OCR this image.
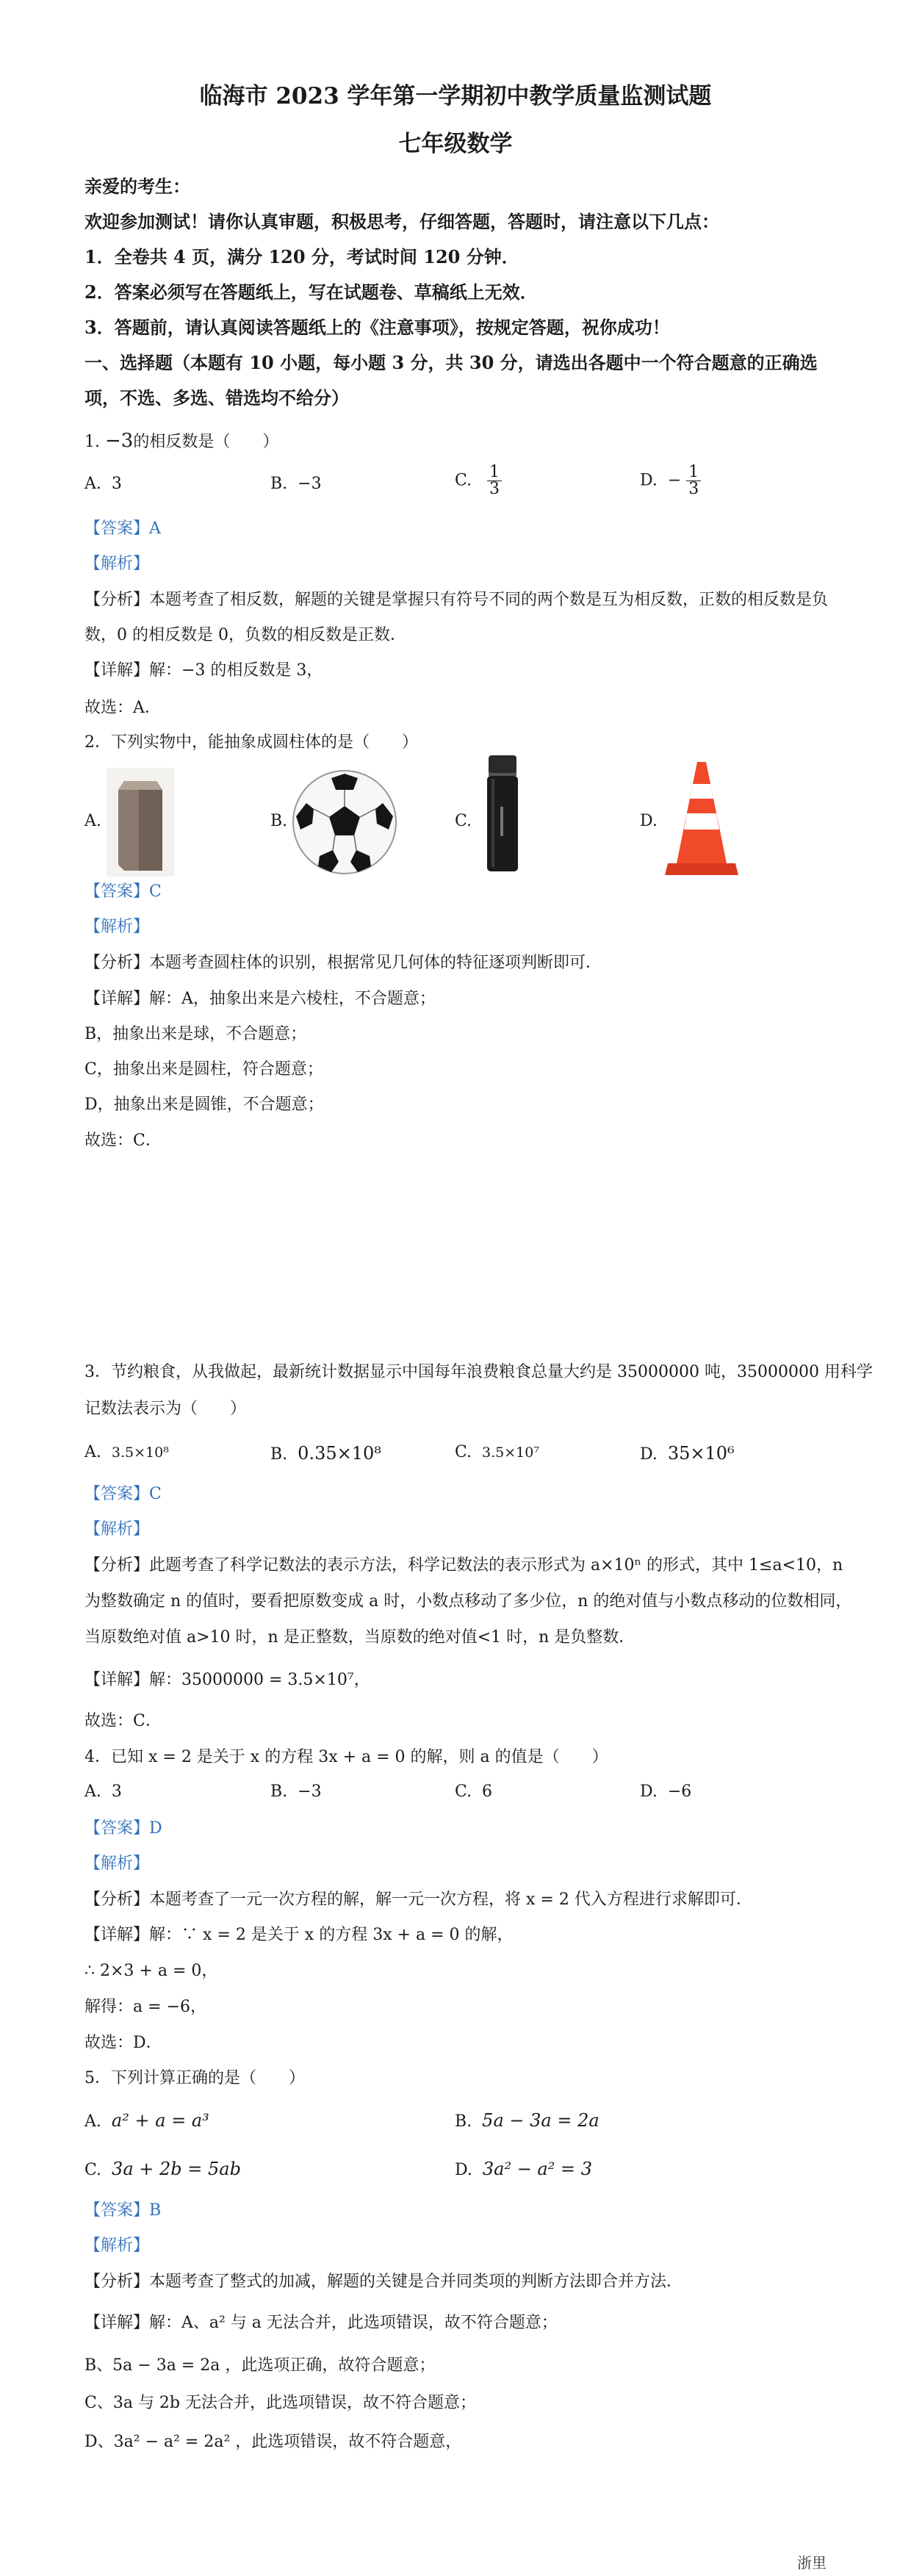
临海市 2023 学年第一学期初中教学质量监测试题
七年级数学
亲爱的考生：
欢迎参加测试！请你认真审题，积极思考，仔细答题，答题时，请注意以下几点：
1．全卷共 4 页，满分 120 分，考试时间 120 分钟．
2．答案必须写在答题纸上，写在试题卷、草稿纸上无效．
3．答题前，请认真阅读答题纸上的《注意事项》，按规定答题，祝你成功！
一、选择题（本题有 10 小题，每小题 3 分，共 30 分，请选出各题中一个符合题意的正确选
项，不选、多选、错选均不给分）
1. −3的相反数是（　　）
A. 3	B. −3	C. $\frac{1}{3}$	D. − $\frac{1}{3}$
【答案】A
【解析】
【分析】本题考查了相反数，解题的关键是掌握只有符号不同的两个数是互为相反数，正数的相反数是负
数，0 的相反数是 0，负数的相反数是正数．
【详解】解：−3 的相反数是 3，
故选：A．
2．下列实物中，能抽象成圆柱体的是（　　）
A.	B.	C.	D.
【答案】C
【解析】
【分析】本题考查圆柱体的识别，根据常见几何体的特征逐项判断即可．
【详解】解：A，抽象出来是六棱柱，不合题意；
B，抽象出来是球，不合题意；
C，抽象出来是圆柱，符合题意；
D，抽象出来是圆锥，不合题意；
故选：C．
3．节约粮食，从我做起，最新统计数据显示中国每年浪费粮食总量大约是 35000000 吨，35000000 用科学
记数法表示为（　　）
A. 3.5×10⁸	B. 0.35×10⁸	C. 3.5×10⁷	D. 35×10⁶
【答案】C
【解析】
【分析】此题考查了科学记数法的表示方法，科学记数法的表示形式为 a×10ⁿ 的形式，其中 1≤a<10，n
为整数确定 n 的值时，要看把原数变成 a 时，小数点移动了多少位，n 的绝对值与小数点移动的位数相同，
当原数绝对值 a>10 时，n 是正整数，当原数的绝对值<1 时，n 是负整数．
【详解】解：35000000 = 3.5×10⁷，
故选：C．
4．已知 x = 2 是关于 x 的方程 3x + a = 0 的解，则 a 的值是（　　）
A. 3	B. −3	C. 6	D. −6
【答案】D
【解析】
【分析】本题考查了一元一次方程的解，解一元一次方程，将 x = 2 代入方程进行求解即可．
【详解】解：∵ x = 2 是关于 x 的方程 3x + a = 0 的解，
∴ 2×3 + a = 0，
解得：a = −6，
故选：D．
5．下列计算正确的是（　　）
A. a² + a = a³	B. 5a − 3a = 2a
C. 3a + 2b = 5ab	D. 3a² − a² = 3
【答案】B
【解析】
【分析】本题考查了整式的加减，解题的关键是合并同类项的判断方法即合并方法．
【详解】解：A、a² 与 a 无法合并，此选项错误，故不符合题意；
B、5a − 3a = 2a ，此选项正确，故符合题意；
C、3a 与 2b 无法合并，此选项错误，故不符合题意；
D、3a² − a² = 2a² ，此选项错误，故不符合题意，
浙里
